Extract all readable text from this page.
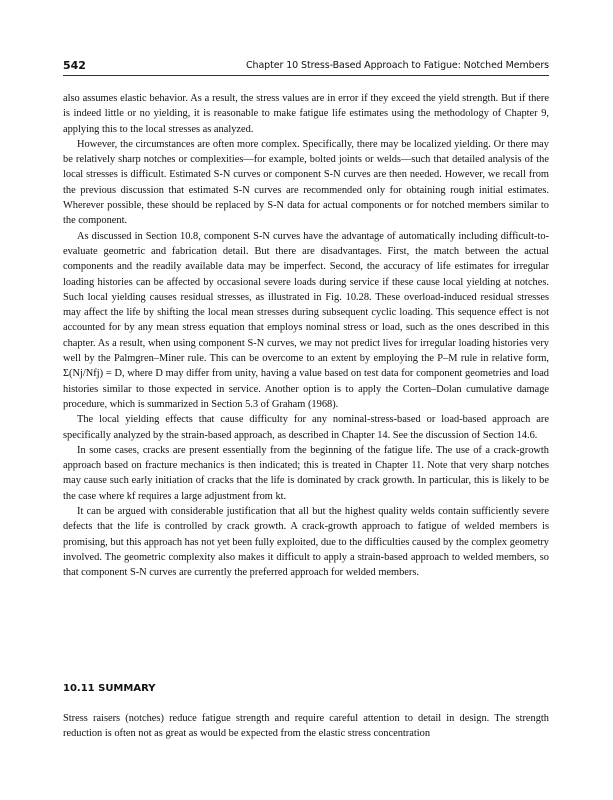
542	Chapter 10 Stress-Based Approach to Fatigue: Notched Members

also assumes elastic behavior. As a result, the stress values are in error if they exceed the yield strength. But if there is indeed little or no yielding, it is reasonable to make fatigue life estimates using the methodology of Chapter 9, applying this to the local stresses as analyzed.

However, the circumstances are often more complex. Specifically, there may be localized yielding. Or there may be relatively sharp notches or complexities—for example, bolted joints or welds—such that detailed analysis of the local stresses is difficult. Estimated S-N curves or component S-N curves are then needed. However, we recall from the previous discussion that estimated S-N curves are recommended only for obtaining rough initial estimates. Wherever possible, these should be replaced by S-N data for actual components or for notched members similar to the component.

As discussed in Section 10.8, component S-N curves have the advantage of automatically including difficult-to-evaluate geometric and fabrication detail. But there are disadvantages. First, the match between the actual components and the readily available data may be imperfect. Second, the accuracy of life estimates for irregular loading histories can be affected by occasional severe loads during service if these cause local yielding at notches. Such local yielding causes residual stresses, as illustrated in Fig. 10.28. These overload-induced residual stresses may affect the life by shifting the local mean stresses during subsequent cyclic loading. This sequence effect is not accounted for by any mean stress equation that employs nominal stress or load, such as the ones described in this chapter. As a result, when using component S-N curves, we may not predict lives for irregular loading histories very well by the Palmgren–Miner rule. This can be overcome to an extent by employing the P–M rule in relative form, Σ(Nj/Nfj) = D, where D may differ from unity, having a value based on test data for component geometries and load histories similar to those expected in service. Another option is to apply the Corten–Dolan cumulative damage procedure, which is summarized in Section 5.3 of Graham (1968).

The local yielding effects that cause difficulty for any nominal-stress-based or load-based approach are specifically analyzed by the strain-based approach, as described in Chapter 14. See the discussion of Section 14.6.

In some cases, cracks are present essentially from the beginning of the fatigue life. The use of a crack-growth approach based on fracture mechanics is then indicated; this is treated in Chapter 11. Note that very sharp notches may cause such early initiation of cracks that the life is dominated by crack growth. In particular, this is likely to be the case where kf requires a large adjustment from kt.

It can be argued with considerable justification that all but the highest quality welds contain sufficiently severe defects that the life is controlled by crack growth. A crack-growth approach to fatigue of welded members is promising, but this approach has not yet been fully exploited, due to the difficulties caused by the complex geometry involved. The geometric complexity also makes it difficult to apply a strain-based approach to welded members, so that component S-N curves are currently the preferred approach for welded members.

10.11 SUMMARY

Stress raisers (notches) reduce fatigue strength and require careful attention to detail in design. The strength reduction is often not as great as would be expected from the elastic stress concentration
